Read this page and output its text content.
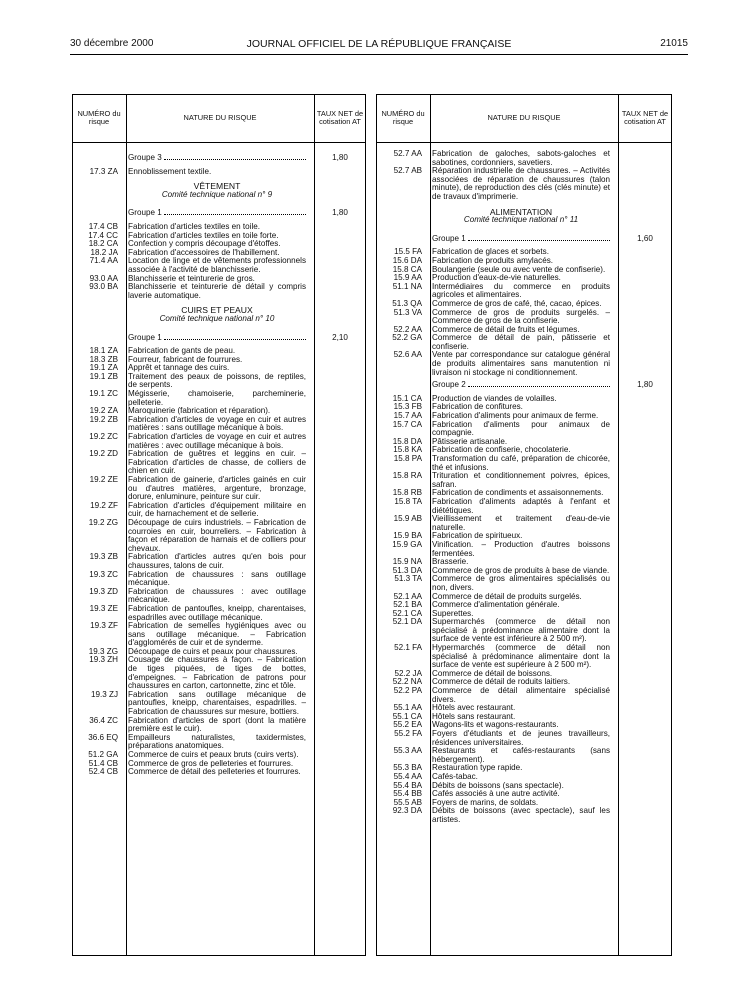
30 décembre 2000	JOURNAL OFFICIEL DE LA RÉPUBLIQUE FRANÇAISE	21015
NUMÉRO du risque	NATURE DU RISQUE	TAUX NET de cotisation AT
Groupe 3	1,80
17.3 ZA Ennoblissement textile.
VÊTEMENT
Comité technique national n° 9
Groupe 1	1,80
17.4 CB Fabrication d'articles textiles en toile.
17.4 CC Fabrication d'articles textiles en toile forte.
18.2 CA Confection y compris découpage d'étoffes.
18.2 JA Fabrication d'accessoires de l'habillement.
71.4 AA Location de linge et de vêtements professionnels associée à l'activité de blanchisserie.
93.0 AA Blanchisserie et teinturerie de gros.
93.0 BA Blanchisserie et teinturerie de détail y compris laverie automatique.
CUIRS ET PEAUX
Comité technique national n° 10
Groupe 1	2,10
18.1 ZA Fabrication de gants de peau.
18.3 ZB Fourreur, fabricant de fourrures.
19.1 ZA Apprêt et tannage des cuirs.
19.1 ZB Traitement des peaux de poissons, de reptiles, de serpents.
19.1 ZC Mégisserie, chamoiserie, parcheminerie, pelleterie.
19.2 ZA Maroquinerie (fabrication et réparation).
19.2 ZB Fabrication d'articles de voyage en cuir et autres matières : sans outillage mécanique à bois.
19.2 ZC Fabrication d'articles de voyage en cuir et autres matières : avec outillage mécanique à bois.
19.2 ZD Fabrication de guêtres et leggins en cuir. – Fabrication d'articles de chasse, de colliers de chien en cuir.
19.2 ZE Fabrication de gainerie, d'articles gainés en cuir ou d'autres matières, argenture, bronzage, dorure, enluminure, peinture sur cuir.
19.2 ZF Fabrication d'articles d'équipement militaire en cuir, de harnachement et de sellerie.
19.2 ZG Découpage de cuirs industriels. – Fabrication de courroies en cuir, bourreliers. – Fabrication à façon et réparation de harnais et de colliers pour chevaux.
19.3 ZB Fabrication d'articles autres qu'en bois pour chaussures, talons de cuir.
19.3 ZC Fabrication de chaussures : sans outillage mécanique.
19.3 ZD Fabrication de chaussures : avec outillage mécanique.
19.3 ZE Fabrication de pantoufles, kneipp, charentaises, espadrilles avec outillage mécanique.
19.3 ZF Fabrication de semelles hygiéniques avec ou sans outillage mécanique. – Fabrication d'agglomérés de cuir et de synderme.
19.3 ZG Découpage de cuirs et peaux pour chaussures.
19.3 ZH Cousage de chaussures à façon. – Fabrication de tiges piquées, de tiges de bottes, d'empeignes. – Fabrication de patrons pour chaussures en carton, cartonnette, zinc et tôle.
19.3 ZJ Fabrication sans outillage mécanique de pantoufles, kneipp, charentaises, espadrilles. – Fabrication de chaussures sur mesure, bottiers.
36.4 ZC Fabrication d'articles de sport (dont la matière première est le cuir).
36.6 EQ Empailleurs naturalistes, taxidermistes, préparations anatomiques.
51.2 GA Commerce de cuirs et peaux bruts (cuirs verts).
51.4 CB Commerce de gros de pelleteries et fourrures.
52.4 CB Commerce de détail des pelleteries et fourrures.
NUMÉRO du risque	NATURE DU RISQUE	TAUX NET de cotisation AT
52.7 AA Fabrication de galoches, sabots-galoches et sabotines, cordonniers, savetiers.
52.7 AB Réparation industrielle de chaussures. – Activités associées de réparation de chaussures (talon minute), de reproduction des clés (clés minute) et de travaux d'imprimerie.
ALIMENTATION
Comité technique national n° 11
Groupe 1	1,60
15.5 FA Fabrication de glaces et sorbets.
15.6 DA Fabrication de produits amylacés.
15.8 CA Boulangerie (seule ou avec vente de confiserie).
15.9 AA Production d'eaux-de-vie naturelles.
51.1 NA Intermédiaires du commerce en produits agricoles et alimentaires.
51.3 QA Commerce de gros de café, thé, cacao, épices.
51.3 VA Commerce de gros de produits surgelés. – Commerce de gros de la confiserie.
52.2 AA Commerce de détail de fruits et légumes.
52.2 GA Commerce de détail de pain, pâtisserie et confiserie.
52.6 AA Vente par correspondance sur catalogue général de produits alimentaires sans manutention ni livraison ni stockage ni conditionnement.
Groupe 2	1,80
15.1 CA Production de viandes de volailles.
15.3 FB Fabrication de confitures.
15.7 AA Fabrication d'aliments pour animaux de ferme.
15.7 CA Fabrication d'aliments pour animaux de compagnie.
15.8 DA Pâtisserie artisanale.
15.8 KA Fabrication de confiserie, chocolaterie.
15.8 PA Transformation du café, préparation de chicorée, thé et infusions.
15.8 RA Trituration et conditionnement poivres, épices, safran.
15.8 RB Fabrication de condiments et assaisonnements.
15.8 TA Fabrication d'aliments adaptés à l'enfant et diététiques.
15.9 AB Vieillissement et traitement d'eau-de-vie naturelle.
15.9 BA Fabrication de spiritueux.
15.9 GA Vinification. – Production d'autres boissons fermentées.
15.9 NA Brasserie.
51.3 DA Commerce de gros de produits à base de viande.
51.3 TA Commerce de gros alimentaires spécialisés ou non, divers.
52.1 AA Commerce de détail de produits surgelés.
52.1 BA Commerce d'alimentation générale.
52.1 CA Superettes.
52.1 DA Supermarchés (commerce de détail non spécialisé à prédominance alimentaire dont la surface de vente est inférieure à 2 500 m²).
52.1 FA Hypermarchés (commerce de détail non spécialisé à prédominance alimentaire dont la surface de vente est supérieure à 2 500 m²).
52.2 JA Commerce de détail de boissons.
52.2 NA Commerce de détail de roduits laitiers.
52.2 PA Commerce de détail alimentaire spécialisé divers.
55.1 AA Hôtels avec restaurant.
55.1 CA Hôtels sans restaurant.
55.2 EA Wagons-lits et wagons-restaurants.
55.2 FA Foyers d'étudiants et de jeunes travailleurs, résidences universitaires.
55.3 AA Restaurants et cafés-restaurants (sans hébergement).
55.3 BA Restauration type rapide.
55.4 AA Cafés-tabac.
55.4 BA Débits de boissons (sans spectacle).
55.4 BB Cafés associés à une autre activité.
55.5 AB Foyers de marins, de soldats.
92.3 DA Débits de boissons (avec spectacle), sauf les artistes.
